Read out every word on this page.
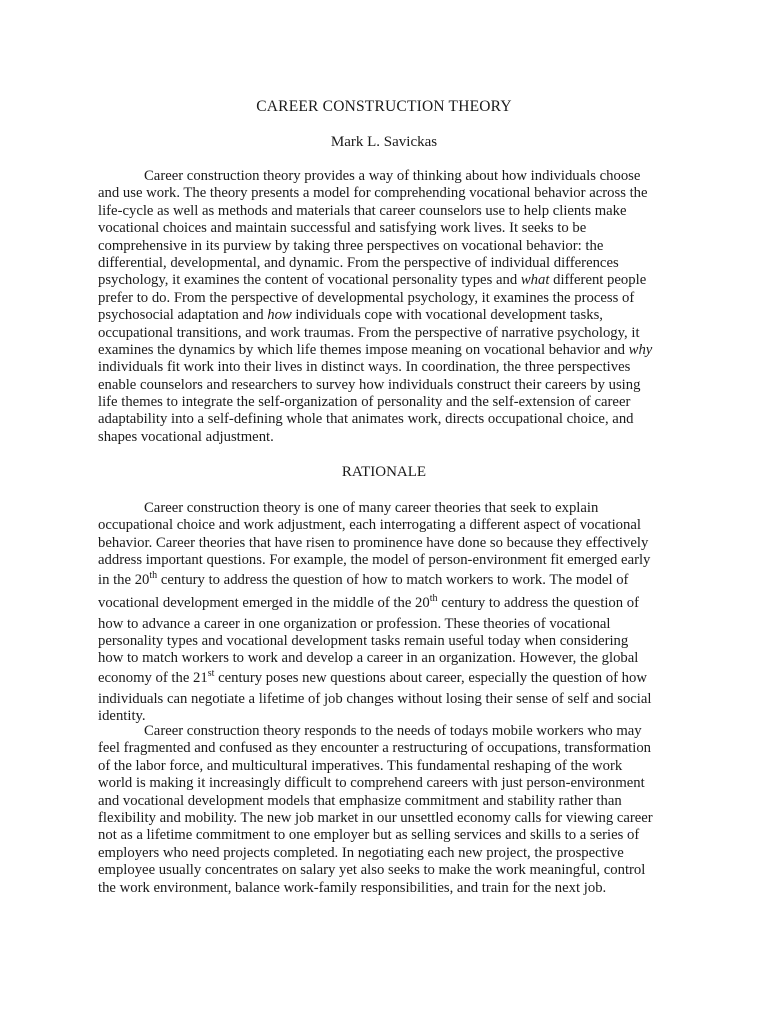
CAREER CONSTRUCTION THEORY
Mark L. Savickas
Career construction theory provides a way of thinking about how individuals choose
and use work. The theory presents a model for comprehending vocational behavior across the
life-cycle as well as methods and materials that career counselors use to help clients make
vocational choices and maintain successful and satisfying work lives. It seeks to be
comprehensive in its purview by taking three perspectives on vocational behavior: the
differential, developmental, and dynamic. From the perspective of individual differences
psychology, it examines the content of vocational personality types and what different people
prefer to do. From the perspective of developmental psychology, it examines the process of
psychosocial adaptation and how individuals cope with vocational development tasks,
occupational transitions, and work traumas. From the perspective of narrative psychology, it
examines the dynamics by which life themes impose meaning on vocational behavior and why
individuals fit work into their lives in distinct ways. In coordination, the three perspectives
enable counselors and researchers to survey how individuals construct their careers by using
life themes to integrate the self-organization of personality and the self-extension of career
adaptability into a self-defining whole that animates work, directs occupational choice, and
shapes vocational adjustment.
RATIONALE
Career construction theory is one of many career theories that seek to explain
occupational choice and work adjustment, each interrogating a different aspect of vocational
behavior. Career theories that have risen to prominence have done so because they effectively
address important questions. For example, the model of person-environment fit emerged early
in the 20th century to address the question of how to match workers to work. The model of
vocational development emerged in the middle of the 20th century to address the question of
how to advance a career in one organization or profession. These theories of vocational
personality types and vocational development tasks remain useful today when considering
how to match workers to work and develop a career in an organization. However, the global
economy of the 21st century poses new questions about career, especially the question of how
individuals can negotiate a lifetime of job changes without losing their sense of self and social
identity.
Career construction theory responds to the needs of todays mobile workers who may
feel fragmented and confused as they encounter a restructuring of occupations, transformation
of the labor force, and multicultural imperatives. This fundamental reshaping of the work
world is making it increasingly difficult to comprehend careers with just person-environment
and vocational development models that emphasize commitment and stability rather than
flexibility and mobility. The new job market in our unsettled economy calls for viewing career
not as a lifetime commitment to one employer but as selling services and skills to a series of
employers who need projects completed. In negotiating each new project, the prospective
employee usually concentrates on salary yet also seeks to make the work meaningful, control
the work environment, balance work-family responsibilities, and train for the next job.
